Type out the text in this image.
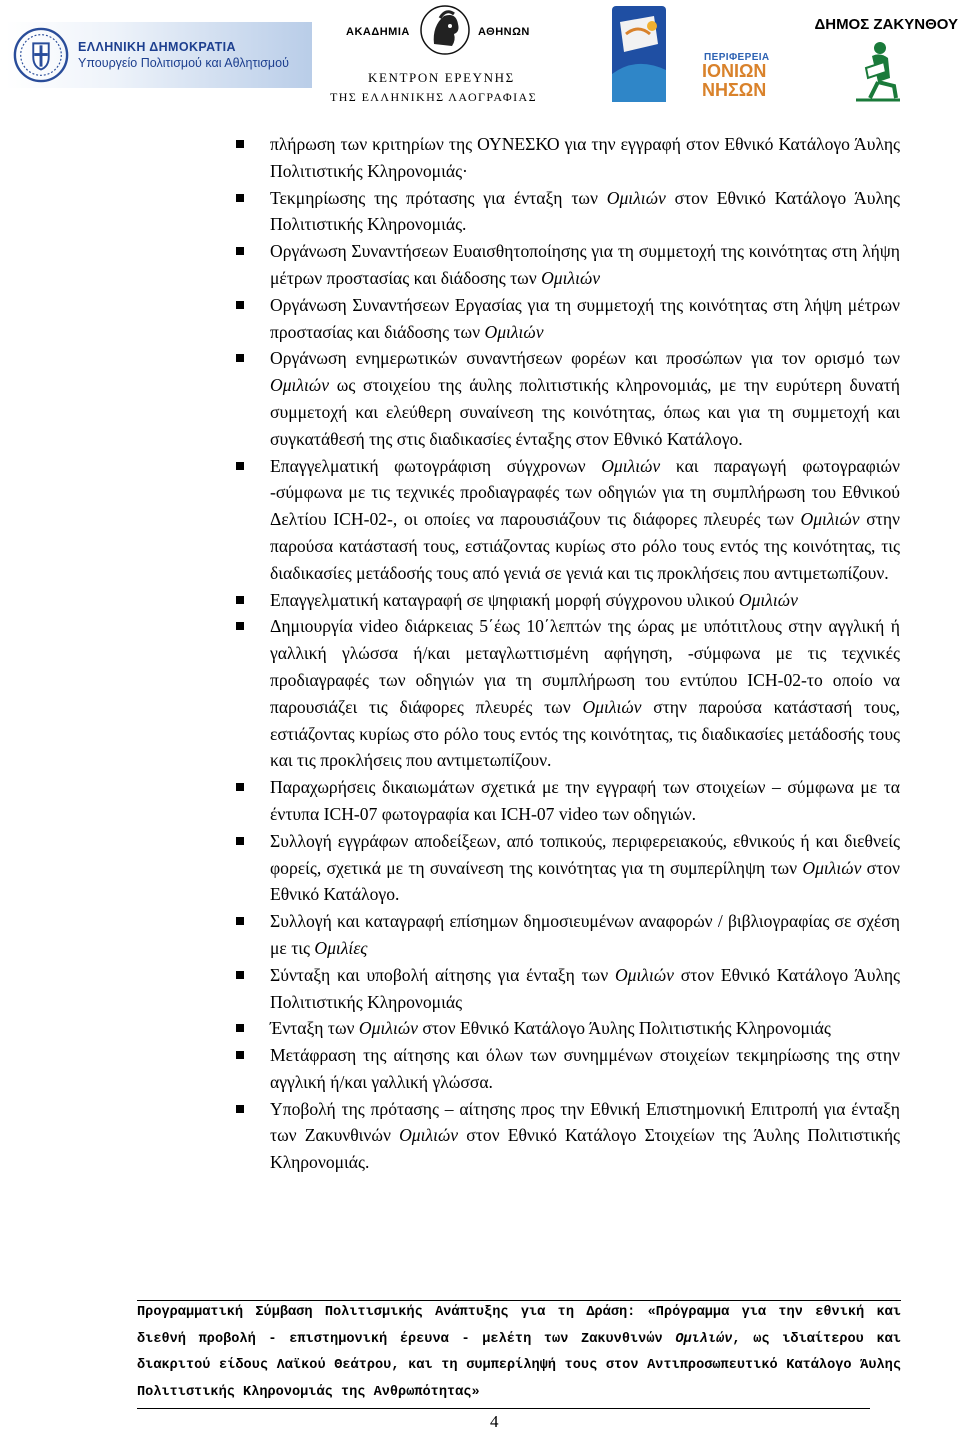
ΕΛΛΗΝΙΚΗ ΔΗΜΟΚΡΑΤΙΑ
Υπουργείο Πολιτισμού και Αθλητισμού
ΑΚΑΔΗΜΙΑ	ΑΘΗΝΩΝ
ΚΕΝΤΡΟΝ ΕΡΕΥΝΗΣ
ΤΗΣ ΕΛΛΗΝΙΚΗΣ ΛΑΟΓΡΑΦΙΑΣ
ΠΕΡΙΦΕΡΕΙΑ
ΙΟΝΙΩΝ ΝΗΣΩΝ
ΔΗΜΟΣ ΖΑΚΥΝΘΟΥ
πλήρωση των κριτηρίων της ΟΥΝΕΣΚΟ για την εγγραφή στον Εθνικό Κατάλογο Άυλης Πολιτιστικής Κληρονομιάς·
Τεκμηρίωσης της πρότασης για ένταξη των Ομιλιών στον Εθνικό Κατάλογο Άυλης Πολιτιστικής Κληρονομιάς.
Οργάνωση Συναντήσεων Ευαισθητοποίησης για τη συμμετοχή της κοινότητας στη λήψη μέτρων προστασίας και διάδοσης των Ομιλιών
Οργάνωση Συναντήσεων Εργασίας για τη συμμετοχή της κοινότητας στη λήψη μέτρων προστασίας και διάδοσης των Ομιλιών
Οργάνωση ενημερωτικών συναντήσεων φορέων και προσώπων για τον ορισμό των Ομιλιών ως στοιχείου της άυλης πολιτιστικής κληρονομιάς, με την ευρύτερη δυνατή συμμετοχή και ελεύθερη συναίνεση της κοινότητας, όπως και για τη συμμετοχή και συγκατάθεσή της στις διαδικασίες ένταξης στον Εθνικό Κατάλογο.
Επαγγελματική φωτογράφιση σύγχρονων Ομιλιών και παραγωγή φωτογραφιών -σύμφωνα με τις τεχνικές προδιαγραφές των οδηγιών για τη συμπλήρωση του Εθνικού Δελτίου ICH-02-, οι οποίες να παρουσιάζουν τις διάφορες πλευρές των Ομιλιών στην παρούσα κατάστασή τους, εστιάζοντας κυρίως στο ρόλο τους εντός της κοινότητας, τις διαδικασίες μετάδοσής τους από γενιά σε γενιά και τις προκλήσεις που αντιμετωπίζουν.
Επαγγελματική καταγραφή σε ψηφιακή μορφή σύγχρονου υλικού Ομιλιών
Δημιουργία video διάρκειας 5΄έως 10΄λεπτών της ώρας με υπότιτλους στην αγγλική ή γαλλική γλώσσα ή/και μεταγλωττισμένη αφήγηση, -σύμφωνα με τις τεχνικές προδιαγραφές των οδηγιών για τη συμπλήρωση του εντύπου ICH-02-το οποίο να παρουσιάζει τις διάφορες πλευρές των Ομιλιών στην παρούσα κατάστασή τους, εστιάζοντας κυρίως στο ρόλο τους εντός της κοινότητας, τις διαδικασίες μετάδοσής τους και τις προκλήσεις που αντιμετωπίζουν.
Παραχωρήσεις δικαιωμάτων σχετικά με την εγγραφή των στοιχείων – σύμφωνα με τα έντυπα ICH-07 φωτογραφία και ICH-07 video των οδηγιών.
Συλλογή εγγράφων αποδείξεων, από τοπικούς, περιφερειακούς, εθνικούς ή και διεθνείς φορείς, σχετικά με τη συναίνεση της κοινότητας για τη συμπερίληψη των Ομιλιών στον Εθνικό Κατάλογο.
Συλλογή και καταγραφή επίσημων δημοσιευμένων αναφορών / βιβλιογραφίας σε σχέση με τις Ομιλίες
Σύνταξη και υποβολή αίτησης για ένταξη των Ομιλιών στον Εθνικό Κατάλογο Άυλης Πολιτιστικής Κληρονομιάς
Ένταξη των Ομιλιών στον Εθνικό Κατάλογο Άυλης Πολιτιστικής Κληρονομιάς
Μετάφραση της αίτησης και όλων των συνημμένων στοιχείων τεκμηρίωσης της στην αγγλική ή/και γαλλική γλώσσα.
Υποβολή της πρότασης – αίτησης προς την Εθνική Επιστημονική Επιτροπή για ένταξη των Ζακυνθινών Ομιλιών στον Εθνικό Κατάλογο Στοιχείων της Άυλης Πολιτιστικής Κληρονομιάς.
Προγραμματική Σύμβαση Πολιτισμικής Ανάπτυξης για τη Δράση: «Πρόγραμμα για την εθνική και διεθνή προβολή - επιστημονική έρευνα - μελέτη των Ζακυνθινών Ομιλιών, ως ιδιαίτερου και διακριτού είδους Λαϊκού Θεάτρου, και τη συμπερίληψή τους στον Αντιπροσωπευτικό Κατάλογο Άυλης Πολιτιστικής Κληρονομιάς της Ανθρωπότητας»
4
